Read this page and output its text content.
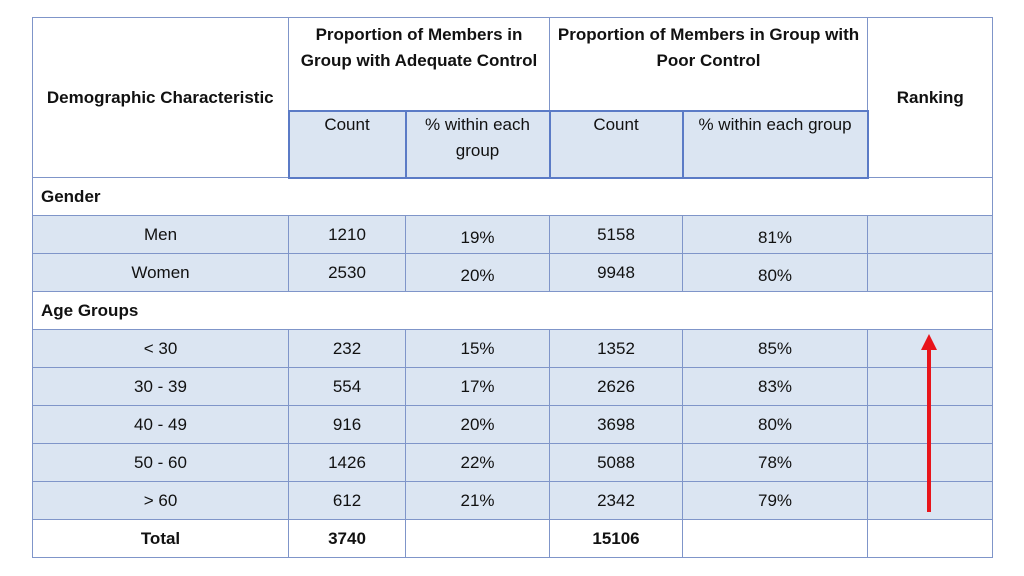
Demographic Characteristic	Proportion of Members in Group with Adequate Control		Proportion of Members in Group with Poor Control		Ranking
	Count	% within each group	Count	% within each group	
Gender					
Men	1210	19%	5158	81%	
Women	2530	20%	9948	80%	
Age Groups					
< 30	232	15%	1352	85%	
30 - 39	554	17%	2626	83%	
40 - 49	916	20%	3698	80%	
50 - 60	1426	22%	5088	78%	
> 60	612	21%	2342	79%	
Total	3740		15106		
